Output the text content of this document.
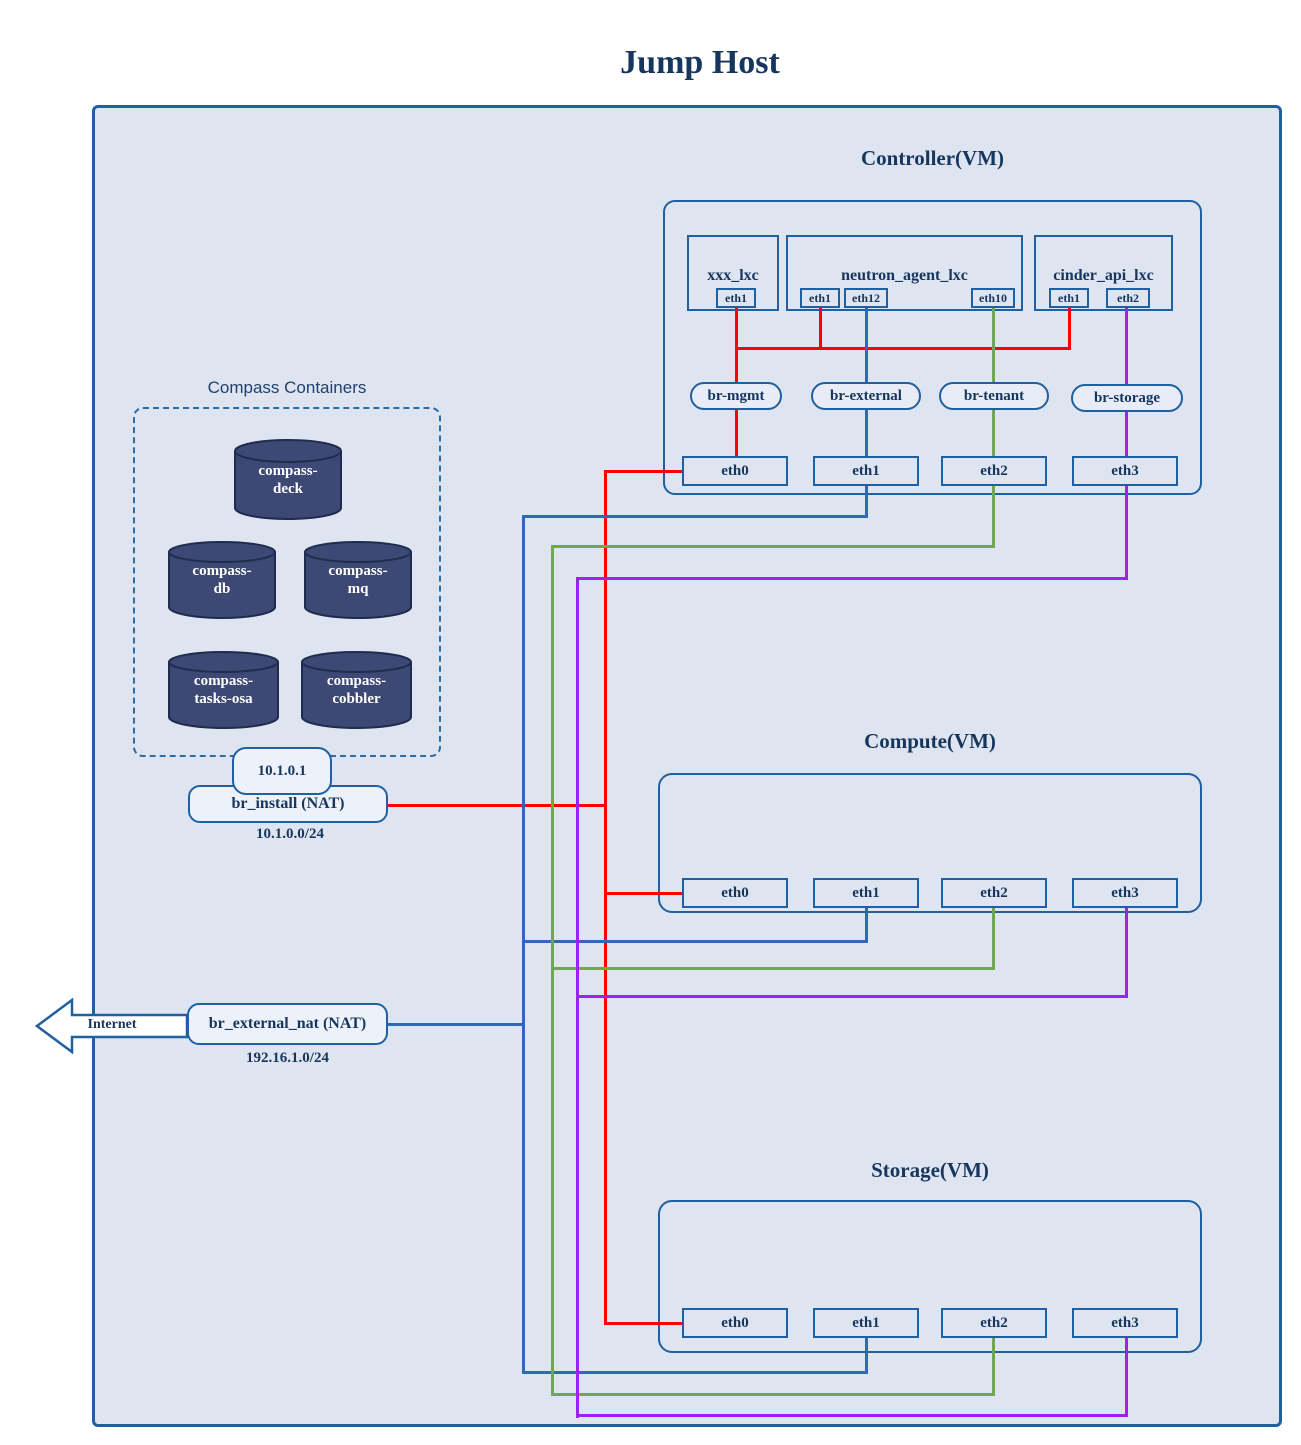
Jump Host
Controller(VM)
xxx_lxc	neutron_agent_lxc	cinder_api_lxc
eth1	eth1	eth12	eth10	eth1	eth2
eth0	eth1	eth2	eth3
Compute(VM)
eth0	eth1	eth2	eth3
Storage(VM)
eth0	eth1	eth2	eth3
Compass Containers
compass-
deck
compass-
db
compass-
mq
compass-
tasks-osa
compass-
cobbler
br_install (NAT)
10.1.0.1
10.1.0.0/24
br_external_nat (NAT)
192.16.1.0/24
Internet
br-mgmt	br-external	br-tenant	br-storage
